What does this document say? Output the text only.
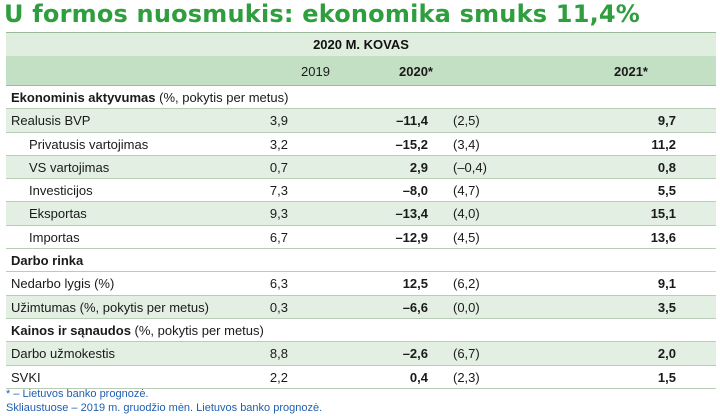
U formos nuosmukis: ekonomika smuks 11,4%
2020 M. KOVAS
2019	2020*	2021*
Ekonominis aktyvumas (%, pokytis per metus)
Realusis BVP	3,9	–11,4 (2,5)	9,7
Privatusis vartojimas	3,2	–15,2 (3,4)	11,2
VS vartojimas	0,7	2,9 (–0,4)	0,8
Investicijos	7,3	–8,0 (4,7)	5,5
Eksportas	9,3	–13,4 (4,0)	15,1
Importas	6,7	–12,9 (4,5)	13,6
Darbo rinka
Nedarbo lygis (%)	6,3	12,5 (6,2)	9,1
Užimtumas (%, pokytis per metus)	0,3	–6,6 (0,0)	3,5
Kainos ir sąnaudos (%, pokytis per metus)
Darbo užmokestis	8,8	–2,6 (6,7)	2,0
SVKI	2,2	0,4 (2,3)	1,5
* – Lietuvos banko prognozė.
Skliaustuose – 2019 m. gruodžio mėn. Lietuvos banko prognozė.
